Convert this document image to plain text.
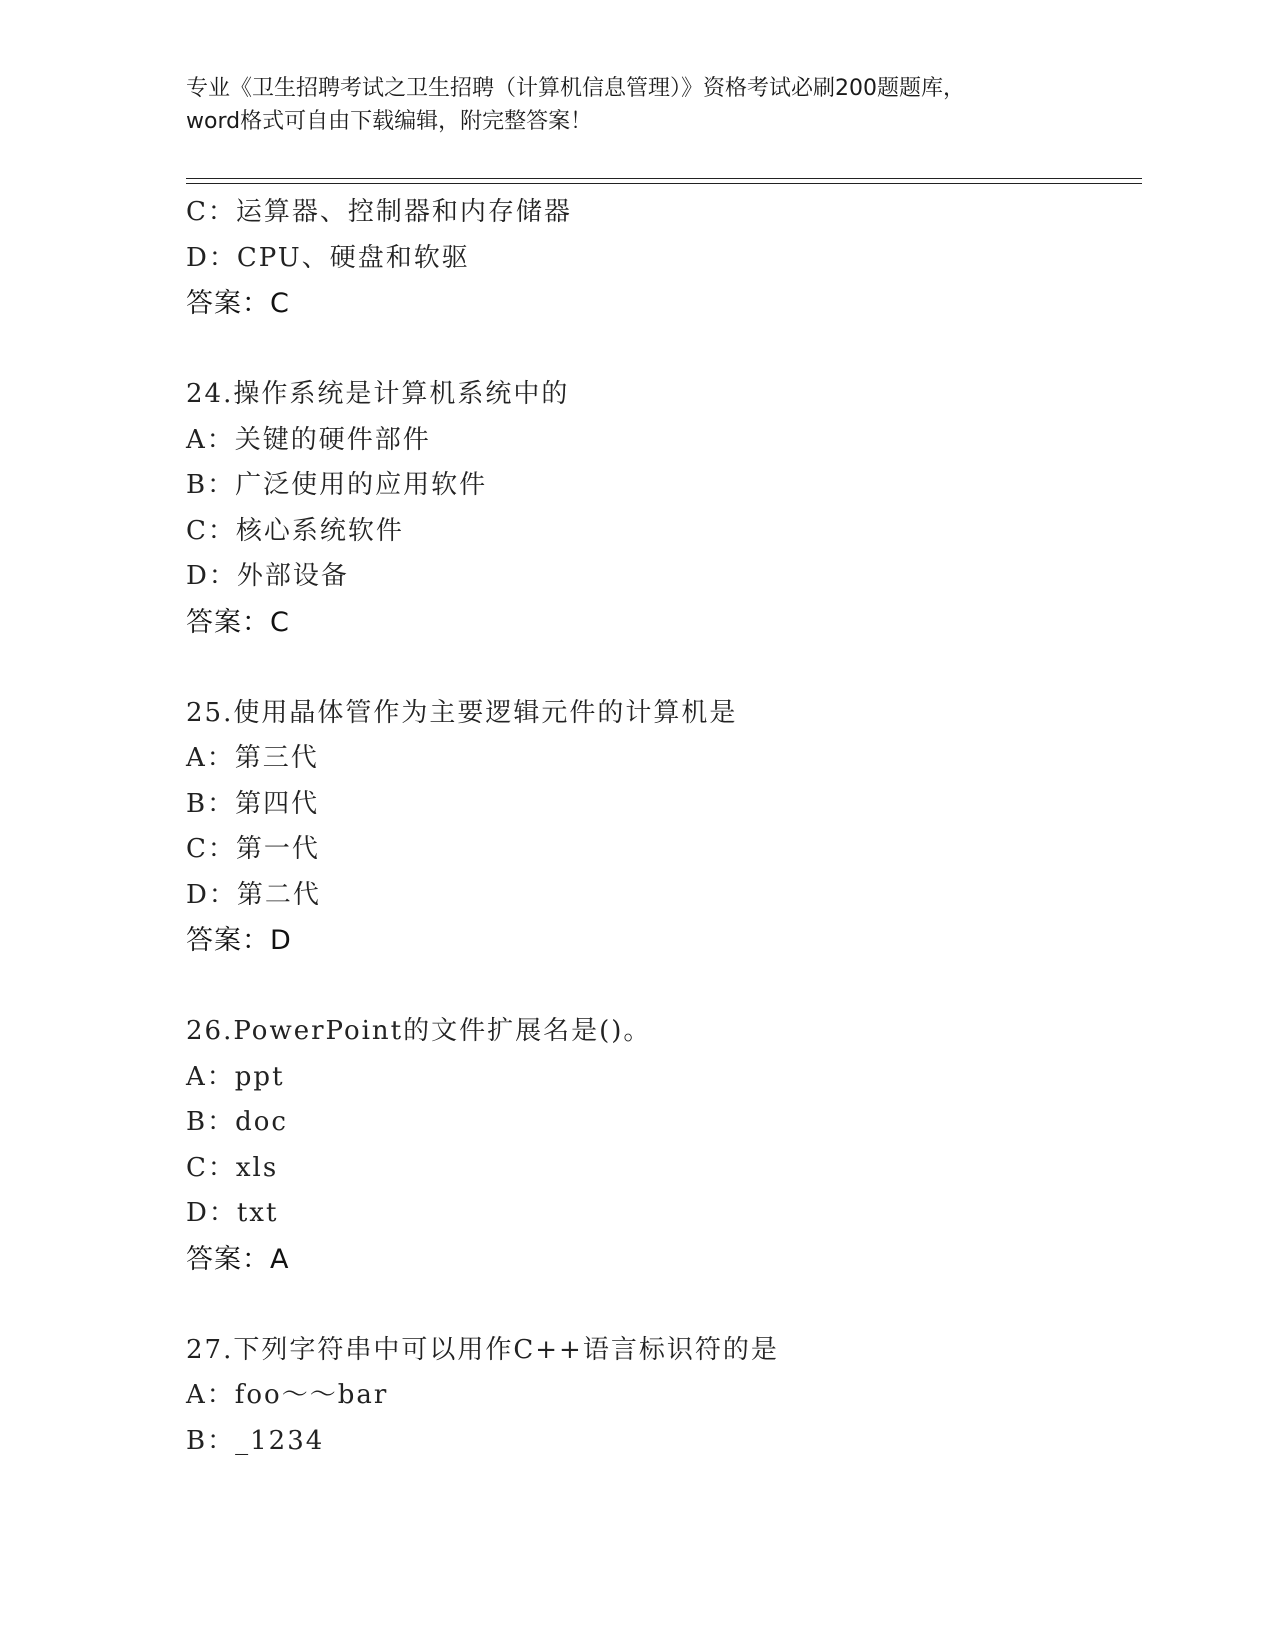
专业《卫生招聘考试之卫生招聘（计算机信息管理）》资格考试必刷200题题库，
word格式可自由下载编辑，附完整答案！
C：运算器、控制器和内存储器
D：CPU、硬盘和软驱
答案：C
24.操作系统是计算机系统中的
A：关键的硬件部件
B：广泛使用的应用软件
C：核心系统软件
D：外部设备
答案：C
25.使用晶体管作为主要逻辑元件的计算机是
A：第三代
B：第四代
C：第一代
D：第二代
答案：D
26.PowerPoint的文件扩展名是()。
A：ppt
B：doc
C：xls
D：txt
答案：A
27.下列字符串中可以用作C++语言标识符的是
A：foo～～bar
B：_1234
